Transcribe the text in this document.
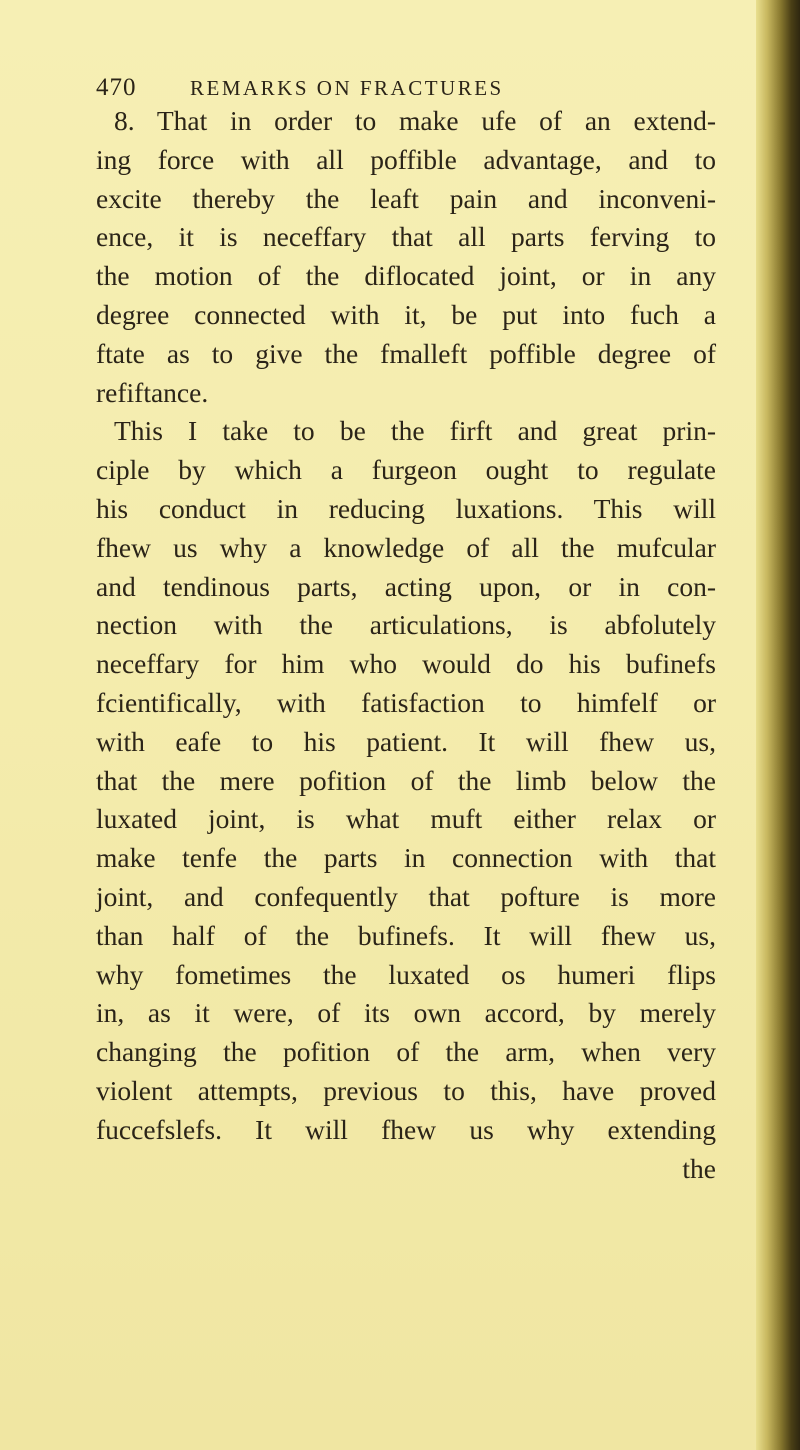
470	REMARKS ON FRACTURES
8. That in order to make ufe of an extend-
ing force with all poffible advantage, and to
excite thereby the leaft pain and inconveni-
ence, it is neceffary that all parts ferving to
the motion of the diflocated joint, or in any
degree connected with it, be put into fuch a
ftate as to give the fmalleft poffible degree of
refiftance.
This I take to be the firft and great prin-
ciple by which a furgeon ought to regulate
his conduct in reducing luxations. This will
fhew us why a knowledge of all the mufcular
and tendinous parts, acting upon, or in con-
nection with the articulations, is abfolutely
neceffary for him who would do his bufinefs
fcientifically, with fatisfaction to himfelf or
with eafe to his patient. It will fhew us,
that the mere pofition of the limb below the
luxated joint, is what muft either relax or
make tenfe the parts in connection with that
joint, and confequently that pofture is more
than half of the bufinefs. It will fhew us,
why fometimes the luxated os humeri flips
in, as it were, of its own accord, by merely
changing the pofition of the arm, when very
violent attempts, previous to this, have proved
fuccefslefs. It will fhew us why extending
the
